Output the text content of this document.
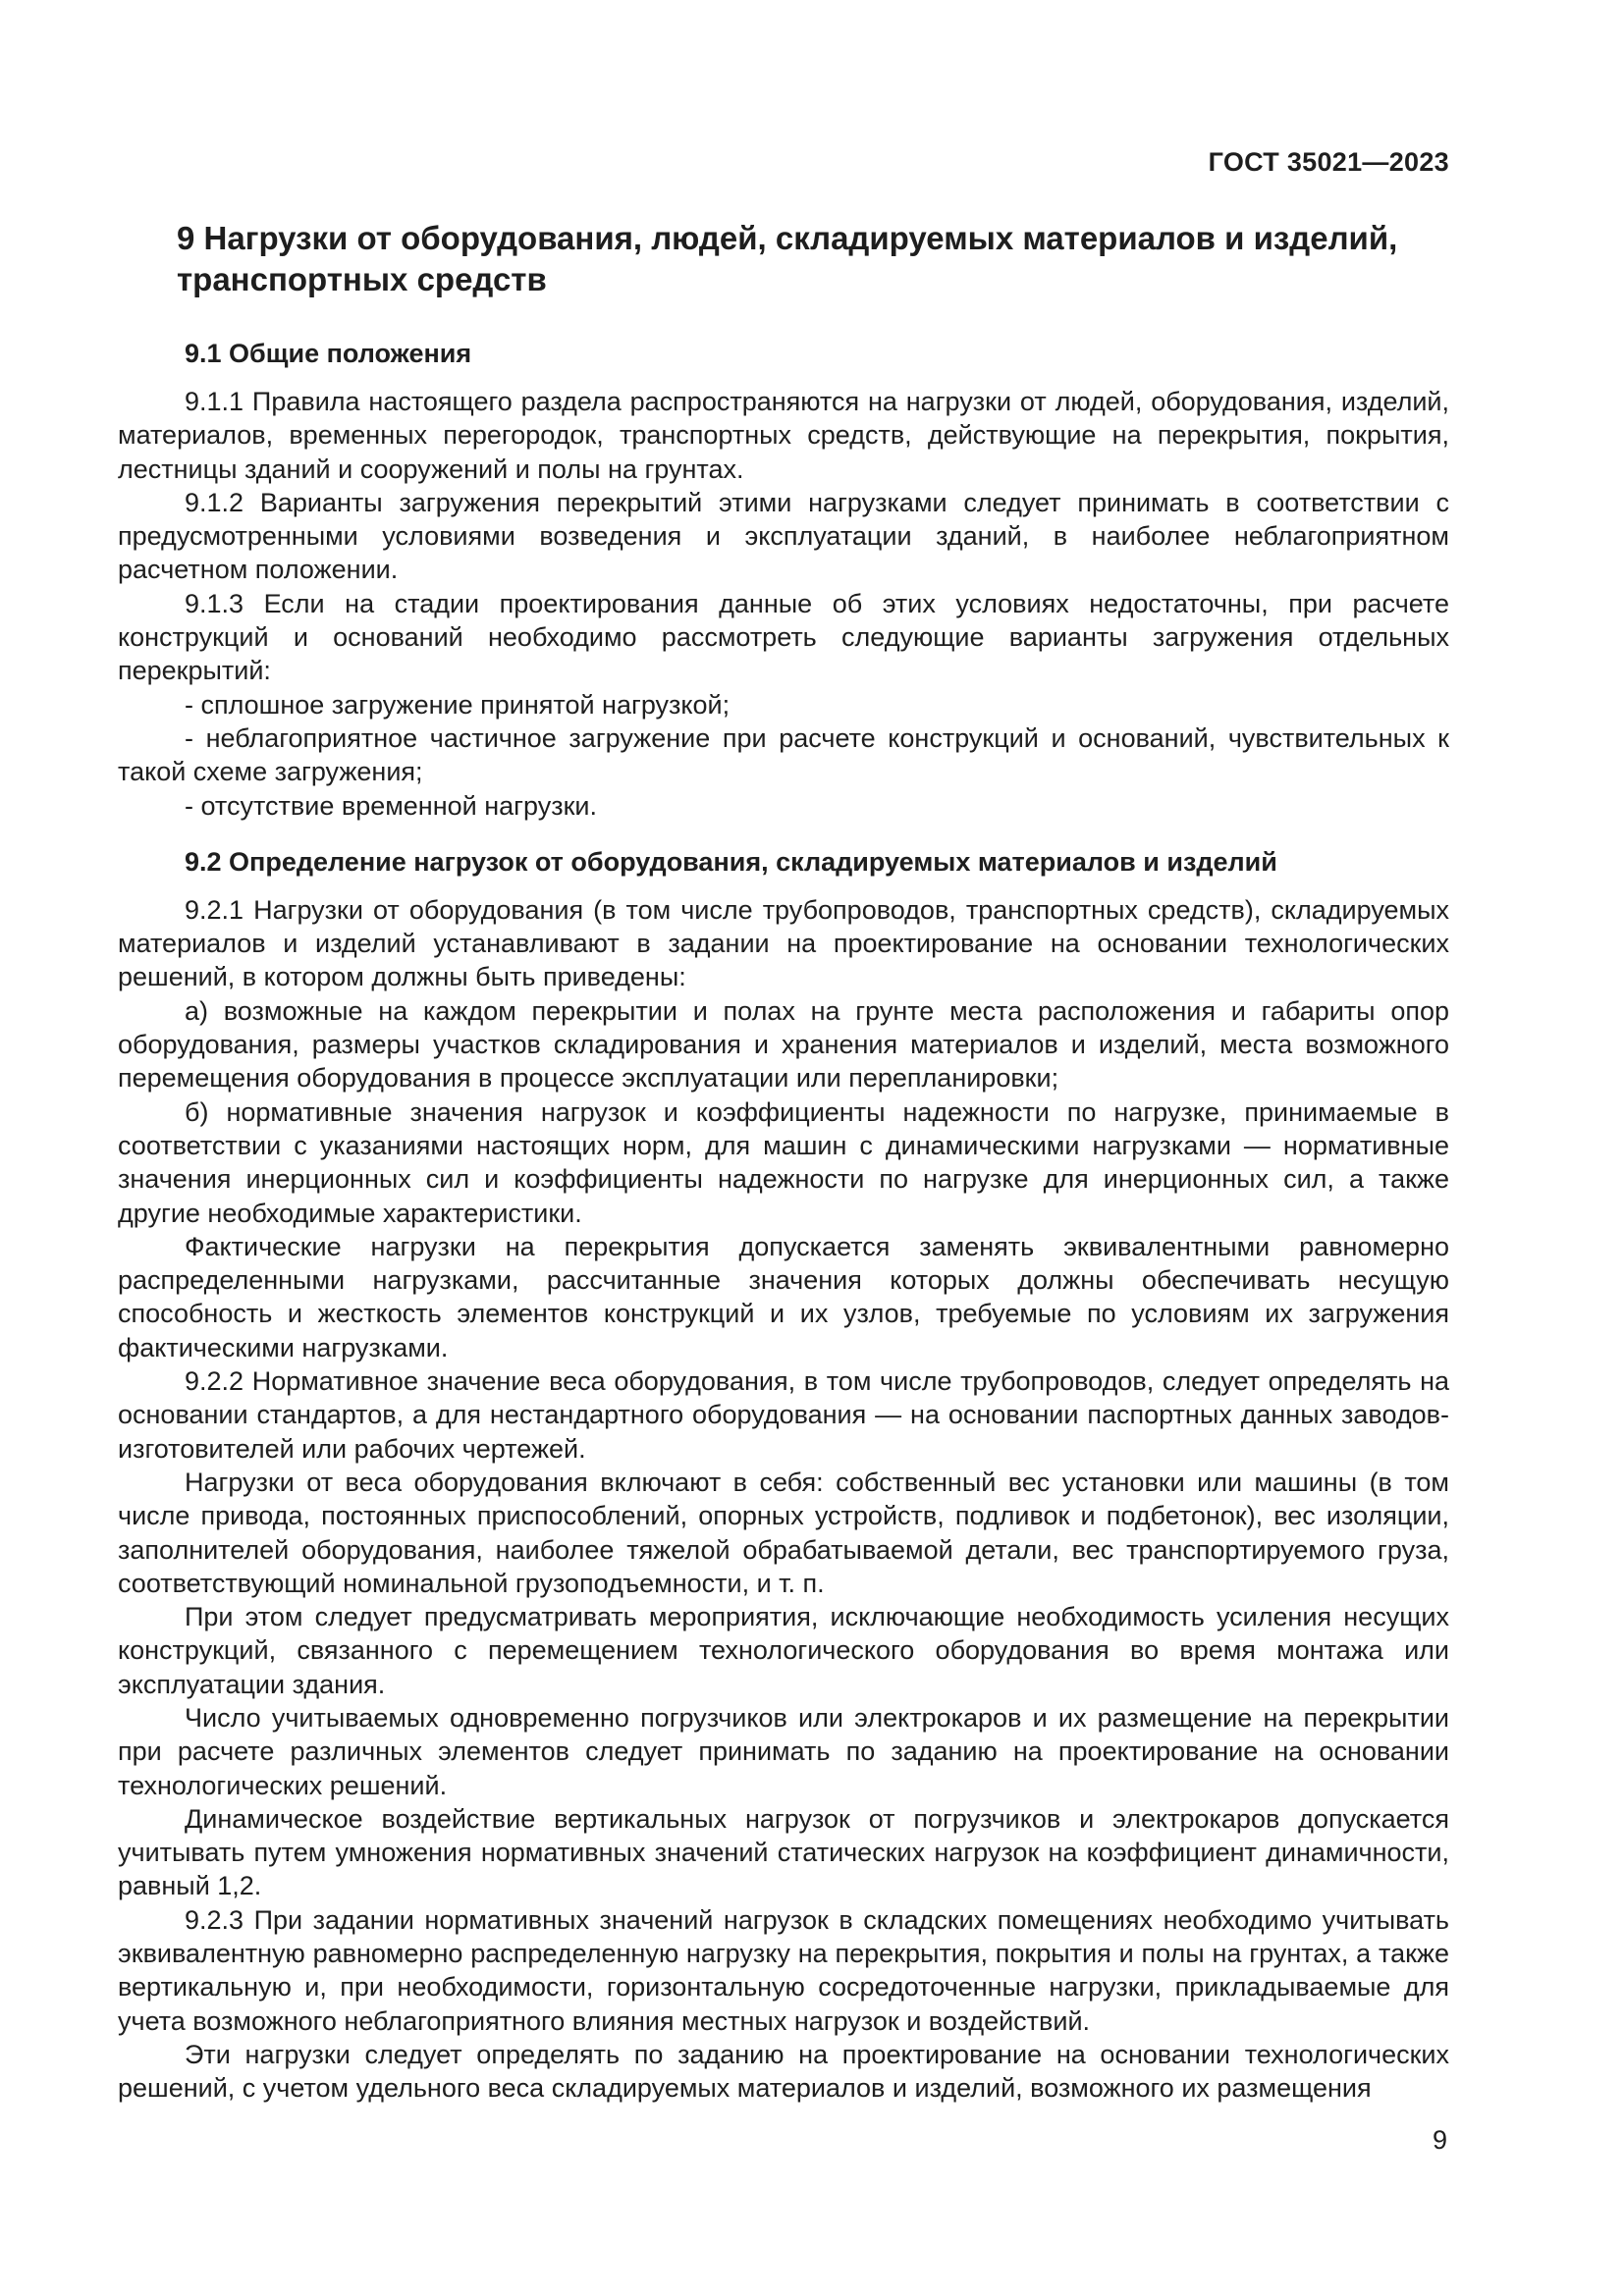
ГОСТ 35021—2023
9 Нагрузки от оборудования, людей, складируемых материалов и изделий, транспортных средств
9.1 Общие положения

9.1.1 Правила настоящего раздела распространяются на нагрузки от людей, оборудования, изделий, материалов, временных перегородок, транспортных средств, действующие на перекрытия, покрытия, лестницы зданий и сооружений и полы на грунтах.

9.1.2 Варианты загружения перекрытий этими нагрузками следует принимать в соответствии с предусмотренными условиями возведения и эксплуатации зданий, в наиболее неблагоприятном расчетном положении.

9.1.3 Если на стадии проектирования данные об этих условиях недостаточны, при расчете конструкций и оснований необходимо рассмотреть следующие варианты загружения отдельных перекрытий:

- сплошное загружение принятой нагрузкой;

- неблагоприятное частичное загружение при расчете конструкций и оснований, чувствительных к такой схеме загружения;

- отсутствие временной нагрузки.

9.2 Определение нагрузок от оборудования, складируемых материалов и изделий

9.2.1 Нагрузки от оборудования (в том числе трубопроводов, транспортных средств), складируемых материалов и изделий устанавливают в задании на проектирование на основании технологических решений, в котором должны быть приведены:

а) возможные на каждом перекрытии и полах на грунте места расположения и габариты опор оборудования, размеры участков складирования и хранения материалов и изделий, места возможного перемещения оборудования в процессе эксплуатации или перепланировки;

б) нормативные значения нагрузок и коэффициенты надежности по нагрузке, принимаемые в соответствии с указаниями настоящих норм, для машин с динамическими нагрузками — нормативные значения инерционных сил и коэффициенты надежности по нагрузке для инерционных сил, а также другие необходимые характеристики.

Фактические нагрузки на перекрытия допускается заменять эквивалентными равномерно распределенными нагрузками, рассчитанные значения которых должны обеспечивать несущую способность и жесткость элементов конструкций и их узлов, требуемые по условиям их загружения фактическими нагрузками.

9.2.2 Нормативное значение веса оборудования, в том числе трубопроводов, следует определять на основании стандартов, а для нестандартного оборудования — на основании паспортных данных заводов-изготовителей или рабочих чертежей.

Нагрузки от веса оборудования включают в себя: собственный вес установки или машины (в том числе привода, постоянных приспособлений, опорных устройств, подливок и подбетонок), вес изоляции, заполнителей оборудования, наиболее тяжелой обрабатываемой детали, вес транспортируемого груза, соответствующий номинальной грузоподъемности, и т. п.

При этом следует предусматривать мероприятия, исключающие необходимость усиления несущих конструкций, связанного с перемещением технологического оборудования во время монтажа или эксплуатации здания.

Число учитываемых одновременно погрузчиков или электрокаров и их размещение на перекрытии при расчете различных элементов следует принимать по заданию на проектирование на основании технологических решений.

Динамическое воздействие вертикальных нагрузок от погрузчиков и электрокаров допускается учитывать путем умножения нормативных значений статических нагрузок на коэффициент динамичности, равный 1,2.

9.2.3 При задании нормативных значений нагрузок в складских помещениях необходимо учитывать эквивалентную равномерно распределенную нагрузку на перекрытия, покрытия и полы на грунтах, а также вертикальную и, при необходимости, горизонтальную сосредоточенные нагрузки, прикладываемые для учета возможного неблагоприятного влияния местных нагрузок и воздействий.

Эти нагрузки следует определять по заданию на проектирование на основании технологических решений, с учетом удельного веса складируемых материалов и изделий, возможного их размещения

9
